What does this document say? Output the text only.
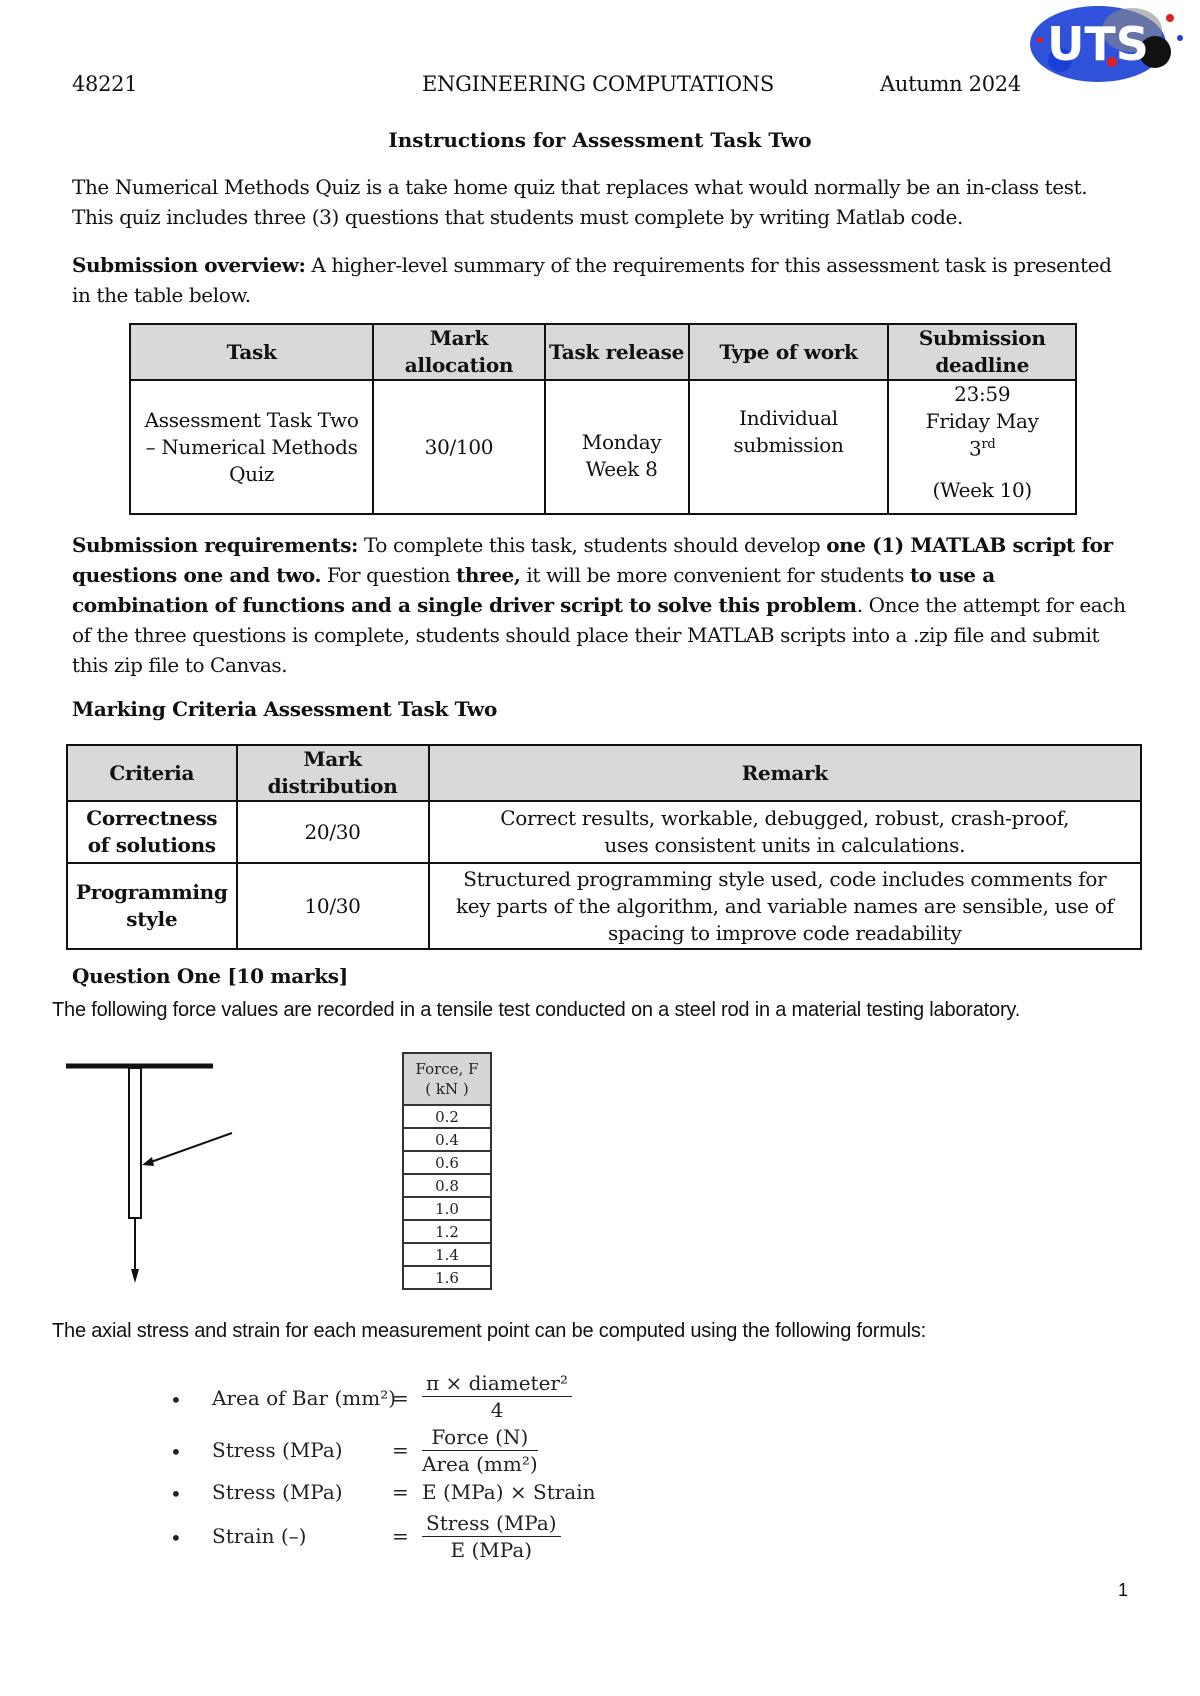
48221	ENGINEERING COMPUTATIONS	Autumn 2024
UTS
Instructions for Assessment Task Two
The Numerical Methods Quiz is a take home quiz that replaces what would normally be an in-class test.
This quiz includes three (3) questions that students must complete by writing Matlab code.
Submission overview: A higher-level summary of the requirements for this assessment task is presented in the table below.
Task	Mark allocation	Task release	Type of work	Submission deadline
Assessment Task Two – Numerical Methods Quiz	30/100	Monday Week 8	Individual submission	23:59
Friday May
3rd
(Week 10)
Submission requirements: To complete this task, students should develop one (1) MATLAB script for questions one and two. For question three, it will be more convenient for students to use a combination of functions and a single driver script to solve this problem. Once the attempt for each of the three questions is complete, students should place their MATLAB scripts into a .zip file and submit this zip file to Canvas.
Marking Criteria Assessment Task Two
Criteria	Mark distribution	Remark
Correctness of solutions	20/30	Correct results, workable, debugged, robust, crash-proof, uses consistent units in calculations.
Programming style	10/30	Structured programming style used, code includes comments for key parts of the algorithm, and variable names are sensible, use of spacing to improve code readability
Question One [10 marks]
The following force values are recorded in a tensile test conducted on a steel rod in a material testing laboratory.
Force, F
( kN )

0.2
0.4
0.6
0.8
1.0
1.2
1.4
1.6
The axial stress and strain for each measurement point can be computed using the following formuls:
• Area of Bar (mm²)
=
π × diameter²
4
• Stress (MPa) =
Force (N)
Area (mm²)
• Stress (MPa) = E (MPa) × Strain
• Strain (–)	=
Stress (MPa)
E (MPa)
1
